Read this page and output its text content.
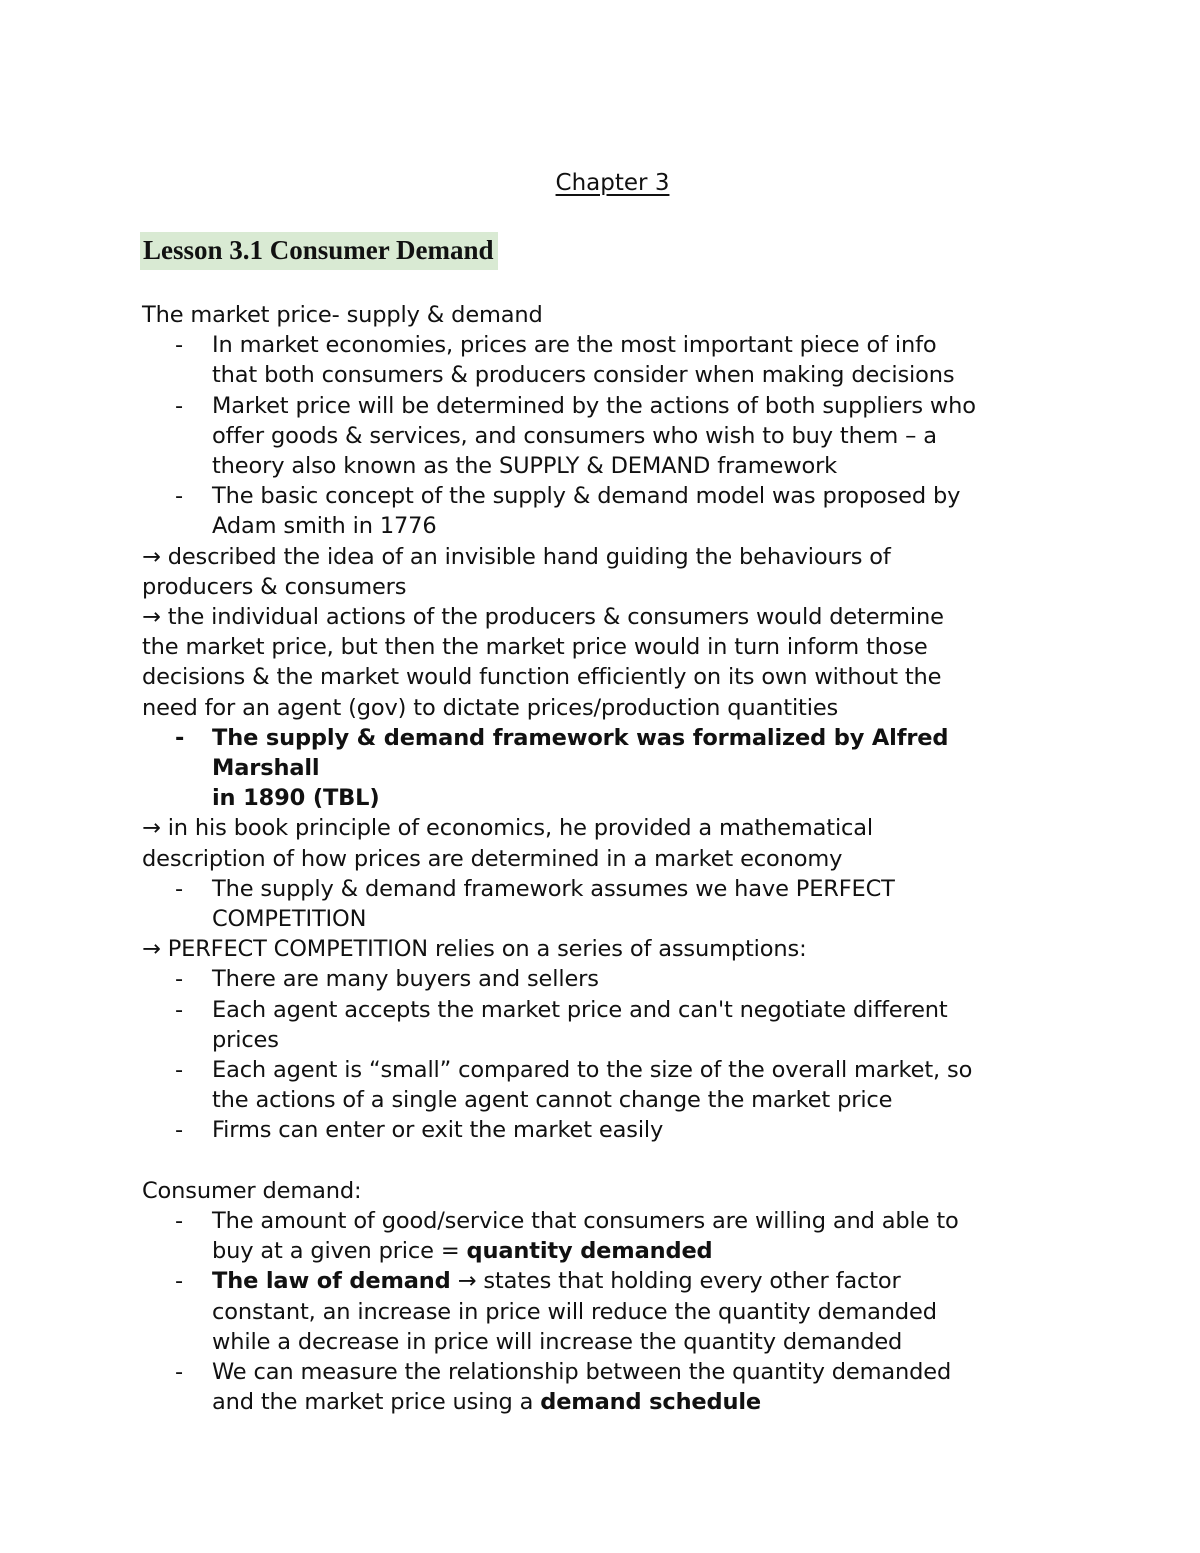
Chapter 3
Lesson 3.1 Consumer Demand

The market price- supply & demand

- In market economies, prices are the most important piece of info
that both consumers & producers consider when making decisions
- Market price will be determined by the actions of both suppliers who
offer goods & services, and consumers who wish to buy them – a
theory also known as the SUPPLY & DEMAND framework
- The basic concept of the supply & demand model was proposed by
Adam smith in 1776
→ described the idea of an invisible hand guiding the behaviours of
producers & consumers
→ the individual actions of the producers & consumers would determine
the market price, but then the market price would in turn inform those
decisions & the market would function efficiently on its own without the
need for an agent (gov) to dictate prices/production quantities
- The supply & demand framework was formalized by Alfred Marshall
in 1890 (TBL)
→ in his book principle of economics, he provided a mathematical
description of how prices are determined in a market economy
- The supply & demand framework assumes we have PERFECT
COMPETITION
→ PERFECT COMPETITION relies on a series of assumptions:
- There are many buyers and sellers
- Each agent accepts the market price and can't negotiate different
prices
- Each agent is “small” compared to the size of the overall market, so
the actions of a single agent cannot change the market price
- Firms can enter or exit the market easily

Consumer demand:

- The amount of good/service that consumers are willing and able to
buy at a given price = quantity demanded
- The law of demand → states that holding every other factor
constant, an increase in price will reduce the quantity demanded
while a decrease in price will increase the quantity demanded
- We can measure the relationship between the quantity demanded
and the market price using a demand schedule
